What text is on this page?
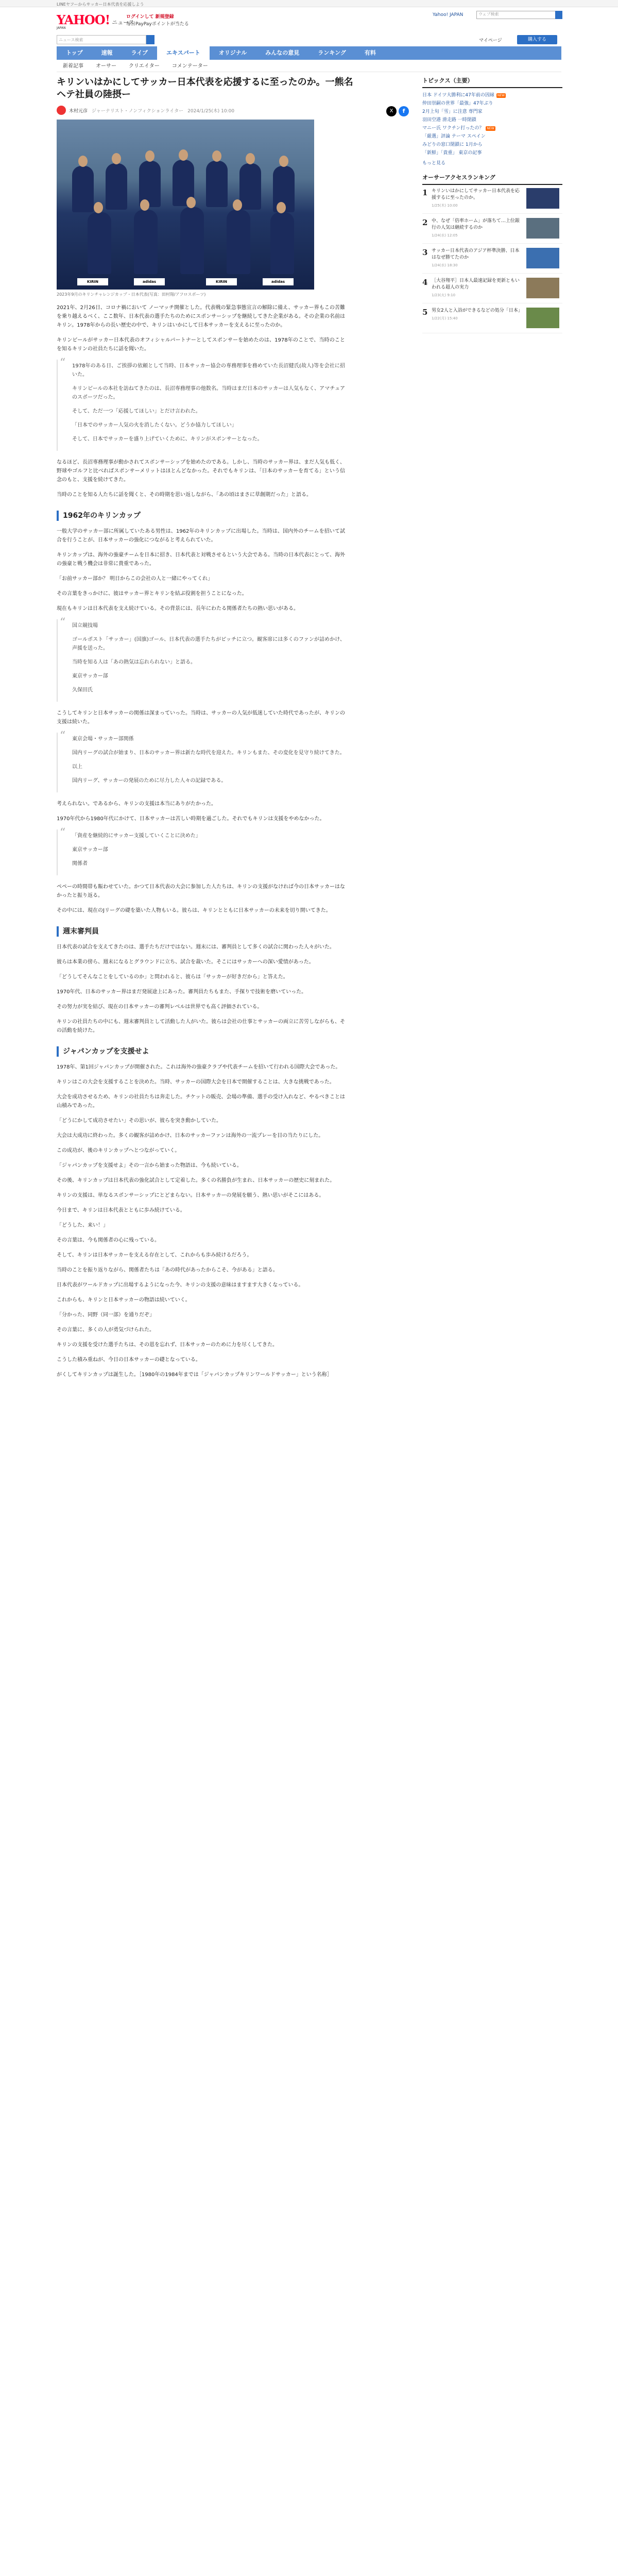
LINEヤフーからサッカー日本代表を応援しよう
YAHOO! ニュース
JAPAN
ログインして 新規登録
毎日PayPayポイントが当たる
Yahoo! JAPAN	ウェブ検索
ニュース検索	マイページ	購入する
トップ	速報	ライブ	エキスパート	オリジナル	みんなの意見	ランキング	有料
新着記事	オーサー	クリエイター	コメンテーター
キリンいはかにしてサッカー日本代表を応援するに至ったのか。一熊名ヘテ社員の陸摂ー
木村元彦 ジャーナリスト・ノンフィクションライター 2024/1/25(木) 10:00	X	f
KIRIN	adidas	KIRIN	adidas
2023年9月のキリンチャレンジカップ・日本代表(写真：田村翔/アフロスポーツ)

2021年、2月26日、コロナ禍において ノーマッチ開催とした。代表戦の緊急事態宣言の解除に備え、サッカー界もこの苦難を乗り越えるべく、ここ数年、日本代表の選手たちのためにスポンサーシップを継続してきた企業がある。その企業の名前はキリン。1978年からの長い歴史の中で、キリンはいかにして日本サッカーを支えるに至ったのか。

キリンビールがサッカー日本代表のオフィシャルパートナーとしてスポンサーを始めたのは、1978年のことで、当時のことを知るキリンの社員たちに話を聞いた。

“ 1978年のある日、ご挨拶の依頼として当時、日本サッカー協会の専務理事を務めていた長沼健氏(故人)等を会社に招いた。

キリンビールの本社を訪ねてきたのは、長沼専務理事の他数名。当時はまだ日本のサッカーは人気もなく、アマチュアのスポーツだった。

そして、ただ一つ「応援してほしい」とだけ言われた。

「日本でのサッカー人気の火を消したくない。どうか協力してほしい」

そして、日本でサッカーを盛り上げていくために、キリンがスポンサーとなった。

なるほど、長沼専務理事が動かされてスポンサーシップを始めたのである。しかし、当時のサッカー界は、まだ人気も低く、野球やゴルフと比べればスポンサーメリットはほとんどなかった。それでもキリンは、「日本のサッカーを育てる」という信念のもと、支援を続けてきた。

当時のことを知る人たちに話を聞くと、その時期を思い返しながら、「あの頃はまさに草創期だった」と語る。

1962年のキリンカップ

一般大学のサッカー部に所属していたある男性は、1962年のキリンカップに出場した。当時は、国内外のチームを招いて試合を行うことが、日本サッカーの強化につながると考えられていた。

キリンカップは、海外の強豪チームを日本に招き、日本代表と対戦させるという大会である。当時の日本代表にとって、海外の強豪と戦う機会は非常に貴重であった。

「お前サッカー部か？ 明日からこの会社の人と一緒にやってくれ」

その言葉をきっかけに、彼はサッカー界とキリンを結ぶ役割を担うことになった。

現在もキリンは日本代表を支え続けている。その背景には、長年にわたる関係者たちの熱い思いがある。

“ 国立競技場

ゴールポスト「サッカー」(国旗)ゴール、日本代表の選手たちがピッチに立つ。観客席には多くのファンが詰めかけ、声援を送った。

当時を知る人は「あの熱気は忘れられない」と語る。

東京サッカー部

久保田氏

こうしてキリンと日本サッカーの関係は深まっていった。当時は、サッカーの人気が低迷していた時代であったが、キリンの支援は続いた。

“ 東京会場・サッカー部関係

国内リーグの試合が始まり、日本のサッカー界は新たな時代を迎えた。キリンもまた、その変化を見守り続けてきた。

以上

国内リーグ、サッカーの発展のために尽力した人々の記録である。

考えられない。であるから、キリンの支援は本当にありがたかった。

1970年代から1980年代にかけて、日本サッカーは苦しい時期を過ごした。それでもキリンは支援をやめなかった。

“ 「資産を継続的にサッカー支援していくことに決めた」

東京サッカー部

関係者

ペペーの時間帯も賑わせていた。かつて日本代表の大会に参加した人たちは、キリンの支援がなければ今の日本サッカーはなかったと振り返る。

その中には、現在のJリーグの礎を築いた人物もいる。彼らは、キリンとともに日本サッカーの未来を切り開いてきた。

週末審判員

日本代表の試合を支えてきたのは、選手たちだけではない。週末には、審判員として多くの試合に関わった人々がいた。

彼らは本業の傍ら、週末になるとグラウンドに立ち、試合を裁いた。そこにはサッカーへの深い愛情があった。

「どうしてそんなことをしているのか」と問われると、彼らは「サッカーが好きだから」と答えた。

1970年代、日本のサッカー界はまだ発展途上にあった。審判員たちもまた、手探りで技術を磨いていった。

その努力が実を結び、現在の日本サッカーの審判レベルは世界でも高く評価されている。

キリンの社員たちの中にも、週末審判員として活動した人がいた。彼らは会社の仕事とサッカーの両立に苦労しながらも、その活動を続けた。

ジャパンカップを支援せよ

1978年、第1回ジャパンカップが開催された。これは海外の強豪クラブや代表チームを招いて行われる国際大会であった。

キリンはこの大会を支援することを決めた。当時、サッカーの国際大会を日本で開催することは、大きな挑戦であった。

大会を成功させるため、キリンの社員たちは奔走した。チケットの販売、会場の準備、選手の受け入れなど、やるべきことは山積みであった。

「どうにかして成功させたい」その思いが、彼らを突き動かしていた。

大会は大成功に終わった。多くの観客が詰めかけ、日本のサッカーファンは海外の一流プレーを目の当たりにした。

この成功が、後のキリンカップへとつながっていく。

「ジャパンカップを支援せよ」その一言から始まった物語は、今も続いている。

その後、キリンカップは日本代表の強化試合として定着した。多くの名勝負が生まれ、日本サッカーの歴史に刻まれた。

キリンの支援は、単なるスポンサーシップにとどまらない。日本サッカーの発展を願う、熱い思いがそこにはある。

今日まで、キリンは日本代表とともに歩み続けている。

「どうした、来い！」

その言葉は、今も関係者の心に残っている。

そして、キリンは日本サッカーを支える存在として、これからも歩み続けるだろう。

当時のことを振り返りながら、関係者たちは「あの時代があったからこそ、今がある」と語る。

日本代表がワールドカップに出場するようになった今、キリンの支援の意味はますます大きくなっている。

これからも、キリンと日本サッカーの物語は続いていく。

「分かった、同野（同一部）を通りだぞ」

その言葉に、多くの人が勇気づけられた。

キリンの支援を受けた選手たちは、その恩を忘れず、日本サッカーのために力を尽くしてきた。

こうした積み重ねが、今日の日本サッカーの礎となっている。

がくしてキリンカップは誕生した。［1980年の1984年までは「ジャパンカップキリンワールドサッカー」という名称］

トピックス（主要）
日本 ドイツ大勝利に47年前の因縁	NEW
仲田崇嗣の世界「最強」47年ぶり
2月上旬「雪」に注意 専門家
羽田空港 滑走路 一時閉鎖
マニー氏 ワクチン打ったの？	NEW
「厳選」評論 テーマ スペイン
みどりの窓口閉鎖に 1月から
「新鮮」「貴重」 東京の記事
もっと見る
オーサーアクセスランキング
1 キリンいはかにしてサッカー日本代表を応援するに至ったのか。
1/25(木) 10:00
2 中、なぜ「倍率ホーム」が落ちて…上位銀行の人気は継続するのか
1/24(水) 12:05
3 サッカー日本代表のアジア杯準決勝、日本はなぜ勝てたのか
1/24(水) 18:30
4 ［大谷翔平］日本人最速記録を更新ともいわれる超人の実力
1/23(火) 9:10
5 男女2人と入浴ができるなどの処分「日本」
1/22(月) 15:40
